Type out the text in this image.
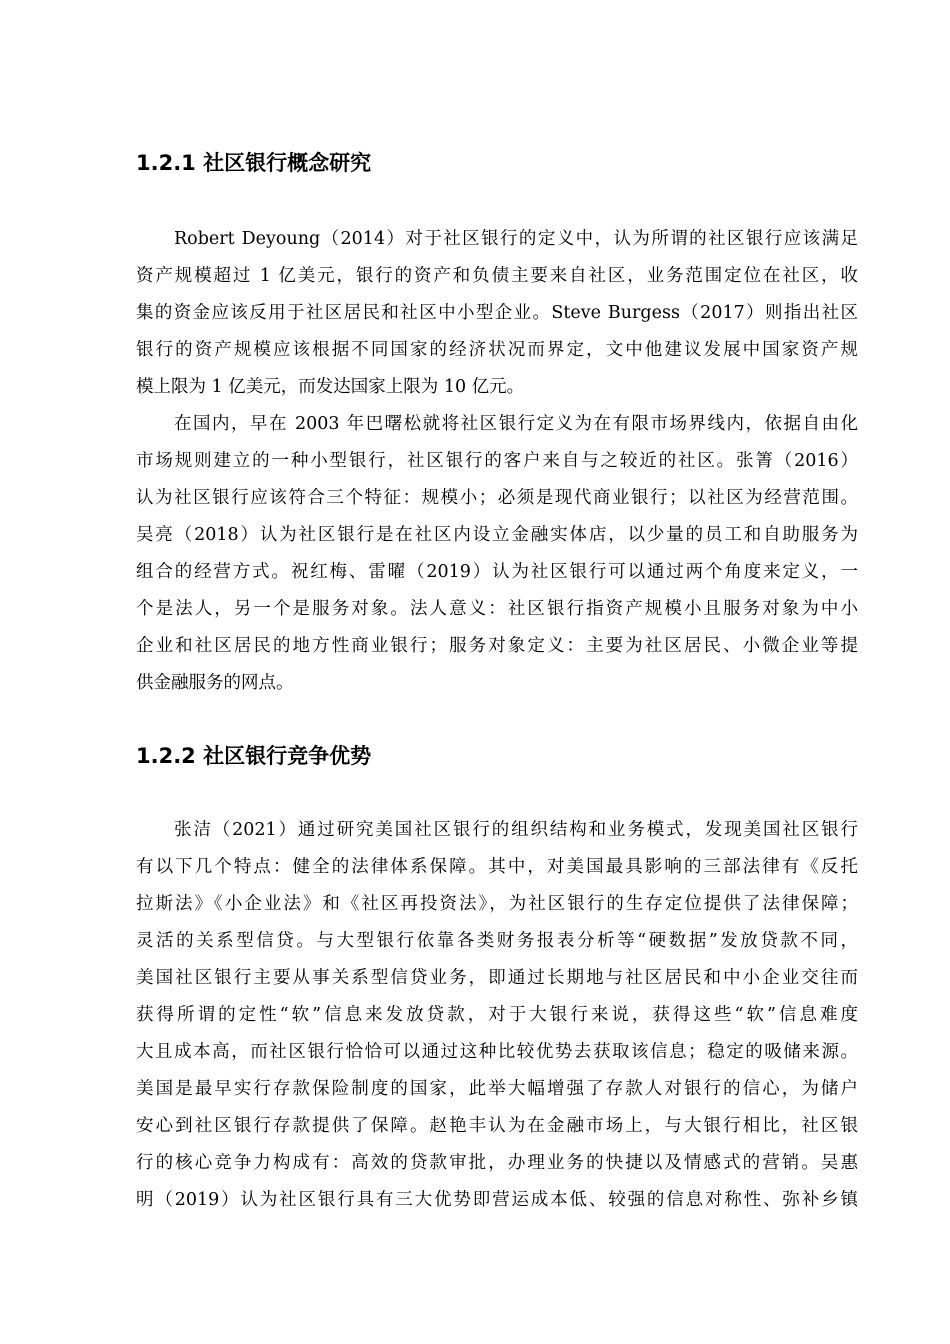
1.2.1 社区银行概念研究
Robert Deyoung（2014）对于社区银行的定义中，认为所谓的社区银行应该满足
资产规模超过 1 亿美元，银行的资产和负债主要来自社区，业务范围定位在社区，收
集的资金应该反用于社区居民和社区中小型企业。Steve Burgess（2017）则指出社区
银行的资产规模应该根据不同国家的经济状况而界定，文中他建议发展中国家资产规
模上限为 1 亿美元，而发达国家上限为 10 亿元。
在国内，早在 2003 年巴曙松就将社区银行定义为在有限市场界线内，依据自由化
市场规则建立的一种小型银行，社区银行的客户来自与之较近的社区。张箐（2016）
认为社区银行应该符合三个特征：规模小；必须是现代商业银行；以社区为经营范围。
吴亮（2018）认为社区银行是在社区内设立金融实体店，以少量的员工和自助服务为
组合的经营方式。祝红梅、雷曜（2019）认为社区银行可以通过两个角度来定义，一
个是法人，另一个是服务对象。法人意义：社区银行指资产规模小且服务对象为中小
企业和社区居民的地方性商业银行；服务对象定义：主要为社区居民、小微企业等提
供金融服务的网点。
1.2.2 社区银行竞争优势
张洁（2021）通过研究美国社区银行的组织结构和业务模式，发现美国社区银行
有以下几个特点：健全的法律体系保障。其中，对美国最具影响的三部法律有《反托
拉斯法》《小企业法》和《社区再投资法》，为社区银行的生存定位提供了法律保障；
灵活的关系型信贷。与大型银行依靠各类财务报表分析等“硬数据”发放贷款不同，
美国社区银行主要从事关系型信贷业务，即通过长期地与社区居民和中小企业交往而
获得所谓的定性“软”信息来发放贷款，对于大银行来说，获得这些“软”信息难度
大且成本高，而社区银行恰恰可以通过这种比较优势去获取该信息；稳定的吸储来源。
美国是最早实行存款保险制度的国家，此举大幅增强了存款人对银行的信心，为储户
安心到社区银行存款提供了保障。赵艳丰认为在金融市场上，与大银行相比，社区银
行的核心竞争力构成有：高效的贷款审批，办理业务的快捷以及情感式的营销。吴惠
明（2019）认为社区银行具有三大优势即营运成本低、较强的信息对称性、弥补乡镇
